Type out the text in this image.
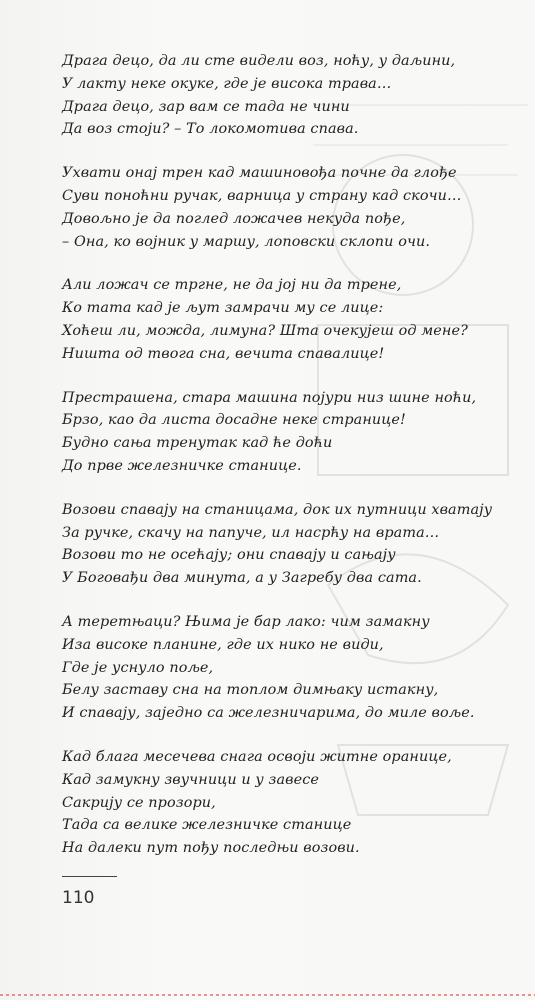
Драга децо, да ли сте видели воз, ноћу, у даљини,
У лакту неке окуке, где је висока трава…
Драга децо, зар вам се тада не чини
Да воз стоји? – То локомотива спава.
Ухвати онај трен кад машиновођа почне да глође
Суви поноћни ручак, варница у страну кад скочи…
Довољно је да поглед ложачев некуда пође,
– Она, ко војник у маршу, лоповски склопи очи.
Али ложач се тргне, не да јој ни да трене,
Ко тата кад је љут замрачи му се лице:
Хоћеш ли, можда, лимуна? Шта очекујеш од мене?
Ништа од твога сна, вечита спавалице!
Престрашена, стара машина појури низ шине ноћи,
Брзо, као да листа досадне неке странице!
Будно сања тренутак кад ће доћи
До прве железничке станице.
Возови спавају на станицама, док их путници хватају
За ручке, скачу на папуче, ил насрћу на врата…
Возови то не осећају; они спавају и сањају
У Боговађи два минута, а у Загребу два сата.
А теретњаци? Њима је бар лако: чим замакну
Иза високе планине, где их нико не види,
Где је уснуло поље,
Белу заставу сна на топлом димњаку истакну,
И спавају, заједно са железничарима, до миле воље.
Кад блага месечева снага освоји житне оранице,
Кад замукну звучници и у завесе
Сакрију се прозори,
Тада са велике железничке станице
На далеки пут пођу последњи возови.
110
